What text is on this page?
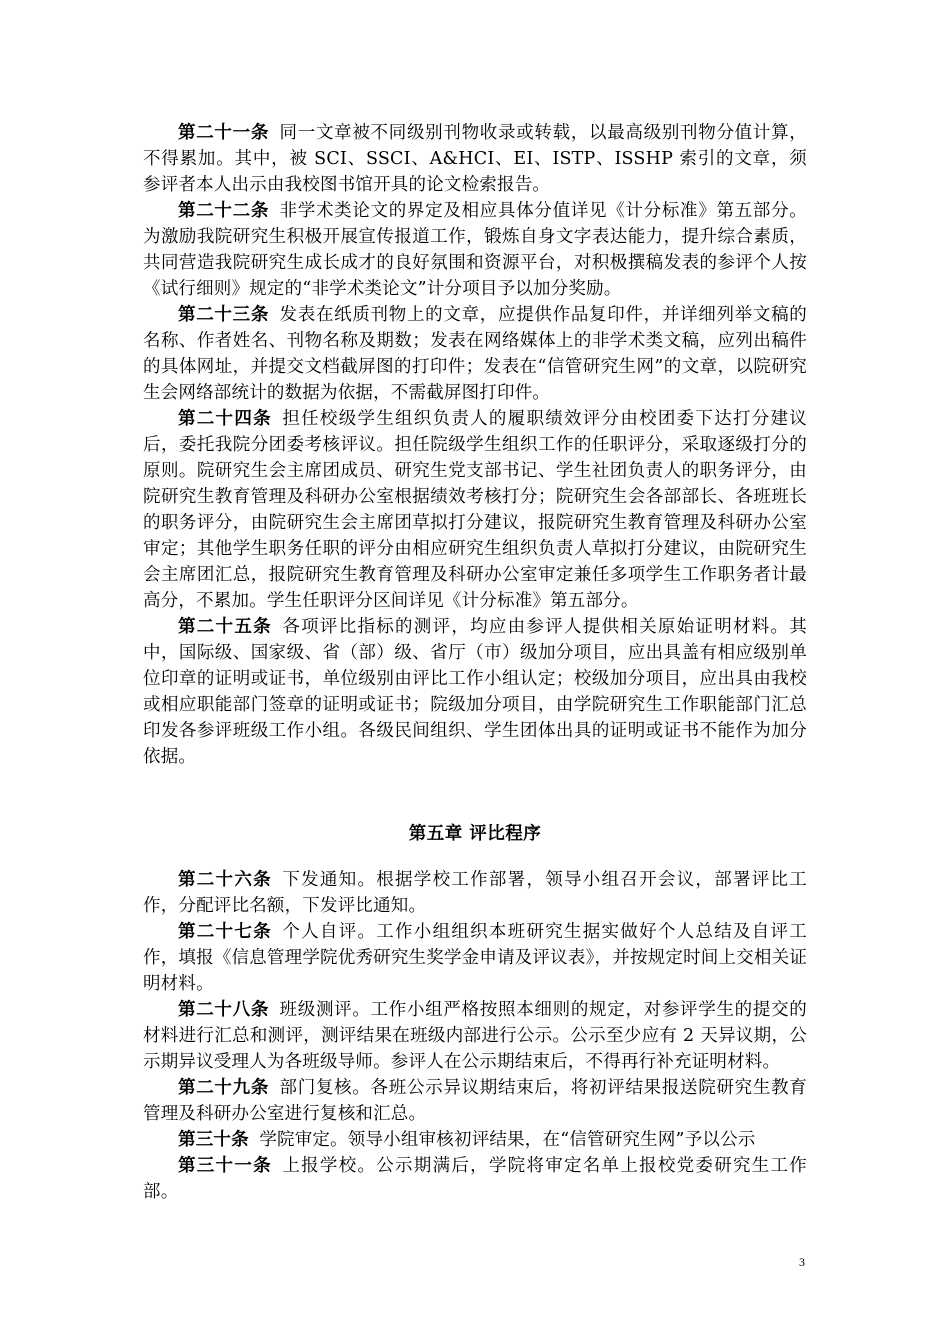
第二十一条 同一文章被不同级别刊物收录或转载，以最高级别刊物分值计算，不得累加。其中，被 SCI、SSCI、A&HCI、EI、ISTP、ISSHP 索引的文章，须参评者本人出示由我校图书馆开具的论文检索报告。

第二十二条 非学术类论文的界定及相应具体分值详见《计分标准》第五部分。为激励我院研究生积极开展宣传报道工作，锻炼自身文字表达能力，提升综合素质，共同营造我院研究生成长成才的良好氛围和资源平台，对积极撰稿发表的参评个人按《试行细则》规定的“非学术类论文”计分项目予以加分奖励。

第二十三条 发表在纸质刊物上的文章，应提供作品复印件，并详细列举文稿的名称、作者姓名、刊物名称及期数；发表在网络媒体上的非学术类文稿，应列出稿件的具体网址，并提交文档截屏图的打印件；发表在“信管研究生网”的文章，以院研究生会网络部统计的数据为依据，不需截屏图打印件。

第二十四条 担任校级学生组织负责人的履职绩效评分由校团委下达打分建议后，委托我院分团委考核评议。担任院级学生组织工作的任职评分，采取逐级打分的原则。院研究生会主席团成员、研究生党支部书记、学生社团负责人的职务评分，由院研究生教育管理及科研办公室根据绩效考核打分；院研究生会各部部长、各班班长的职务评分，由院研究生会主席团草拟打分建议，报院研究生教育管理及科研办公室审定；其他学生职务任职的评分由相应研究生组织负责人草拟打分建议，由院研究生会主席团汇总，报院研究生教育管理及科研办公室审定兼任多项学生工作职务者计最高分，不累加。学生任职评分区间详见《计分标准》第五部分。

第二十五条 各项评比指标的测评，均应由参评人提供相关原始证明材料。其中，国际级、国家级、省（部）级、省厅（市）级加分项目，应出具盖有相应级别单位印章的证明或证书，单位级别由评比工作小组认定；校级加分项目，应出具由我校或相应职能部门签章的证明或证书；院级加分项目，由学院研究生工作职能部门汇总印发各参评班级工作小组。各级民间组织、学生团体出具的证明或证书不能作为加分依据。

第五章 评比程序

第二十六条 下发通知。根据学校工作部署，领导小组召开会议，部署评比工作，分配评比名额，下发评比通知。

第二十七条 个人自评。工作小组组织本班研究生据实做好个人总结及自评工作，填报《信息管理学院优秀研究生奖学金申请及评议表》，并按规定时间上交相关证明材料。

第二十八条 班级测评。工作小组严格按照本细则的规定，对参评学生的提交的材料进行汇总和测评，测评结果在班级内部进行公示。公示至少应有 2 天异议期，公示期异议受理人为各班级导师。参评人在公示期结束后，不得再行补充证明材料。

第二十九条 部门复核。各班公示异议期结束后，将初评结果报送院研究生教育管理及科研办公室进行复核和汇总。

第三十条 学院审定。领导小组审核初评结果，在“信管研究生网”予以公示

第三十一条 上报学校。公示期满后，学院将审定名单上报校党委研究生工作部。

3
